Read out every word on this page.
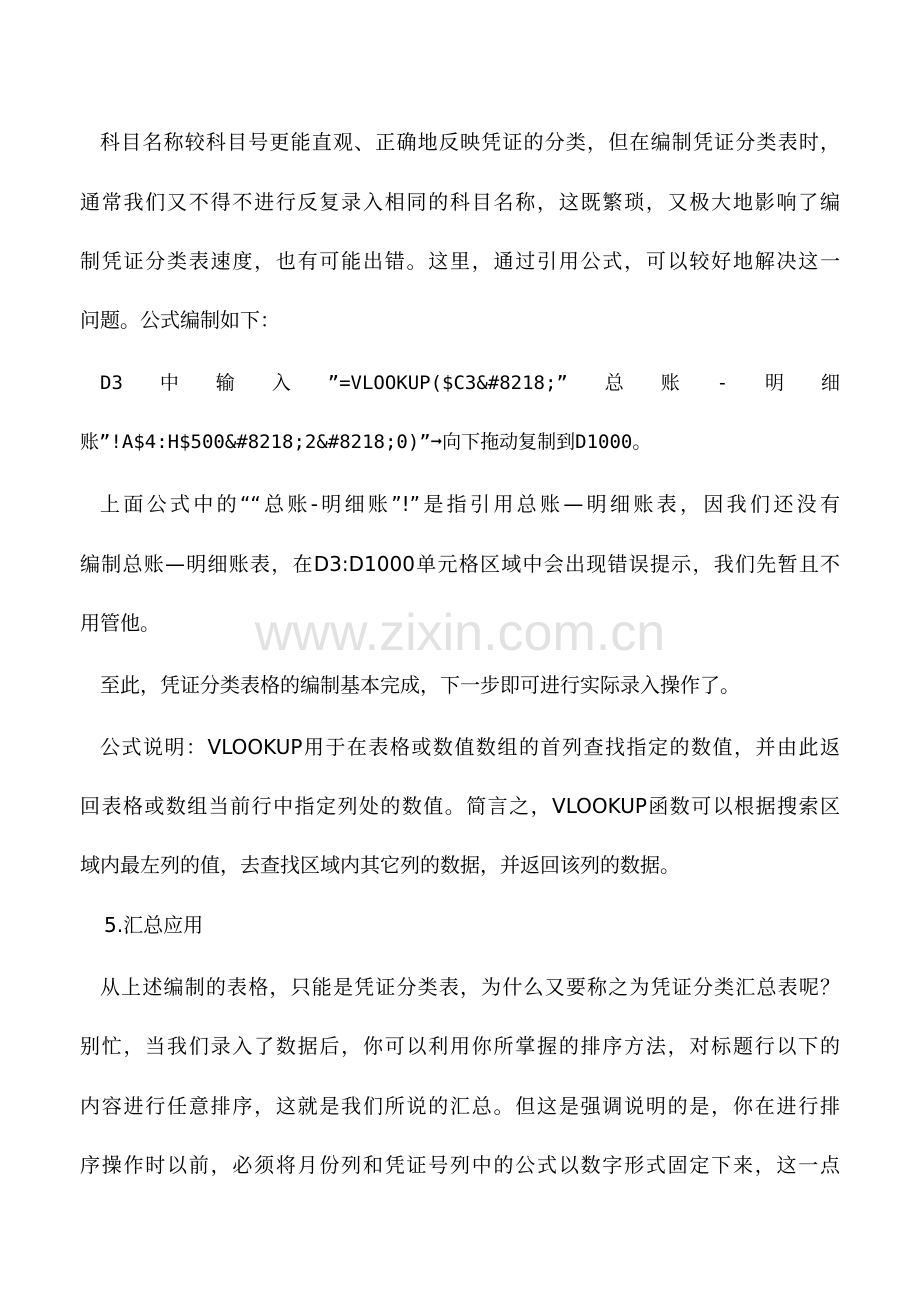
www.zixin.com.cn
科目名称较科目号更能直观、正确地反映凭证的分类，但在编制凭证分类表时，
通常我们又不得不进行反复录入相同的科目名称，这既繁琐，又极大地影响了编
制凭证分类表速度，也有可能出错。这里，通过引用公式，可以较好地解决这一
问题。公式编制如下：
D3　中　输　入　”=VLOOKUP($C3&#8218;”　总　账　-　明　细
账”!A$4:H$500&#8218;2&#8218;0)”➞向下拖动复制到D1000。
上面公式中的““总账-明细账”!”是指引用总账—明细账表，因我们还没有
编制总账—明细账表，在D3:D1000单元格区域中会出现错误提示，我们先暂且不
用管他。
至此，凭证分类表格的编制基本完成，下一步即可进行实际录入操作了。
公式说明：VLOOKUP用于在表格或数值数组的首列查找指定的数值，并由此返
回表格或数组当前行中指定列处的数值。简言之，VLOOKUP函数可以根据搜索区
域内最左列的值，去查找区域内其它列的数据，并返回该列的数据。
5.汇总应用
从上述编制的表格，只能是凭证分类表，为什么又要称之为凭证分类汇总表呢？
别忙，当我们录入了数据后，你可以利用你所掌握的排序方法，对标题行以下的
内容进行任意排序，这就是我们所说的汇总。但这是强调说明的是，你在进行排
序操作时以前，必须将月份列和凭证号列中的公式以数字形式固定下来，这一点
